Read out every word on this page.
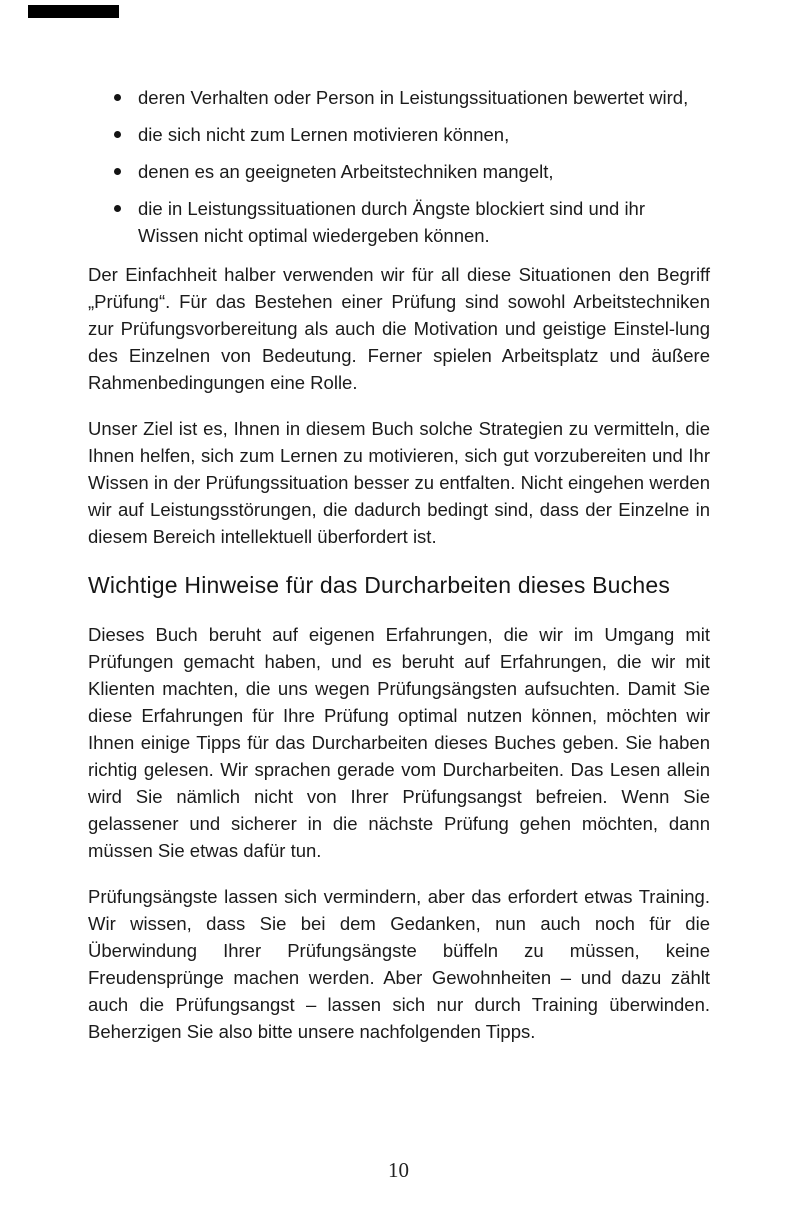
deren Verhalten oder Person in Leistungssituationen bewertet wird,
die sich nicht zum Lernen motivieren können,
denen es an geeigneten Arbeitstechniken mangelt,
die in Leistungssituationen durch Ängste blockiert sind und ihr Wissen nicht optimal wiedergeben können.

Der Einfachheit halber verwenden wir für all diese Situationen den Begriff „Prüfung“. Für das Bestehen einer Prüfung sind sowohl Arbeitstechniken zur Prüfungsvorbereitung als auch die Motivation und geistige Einstel-lung des Einzelnen von Bedeutung. Ferner spielen Arbeitsplatz und äußere Rahmenbedingungen eine Rolle.

Unser Ziel ist es, Ihnen in diesem Buch solche Strategien zu vermitteln, die Ihnen helfen, sich zum Lernen zu motivieren, sich gut vorzubereiten und Ihr Wissen in der Prüfungssituation besser zu entfalten. Nicht eingehen werden wir auf Leistungsstörungen, die dadurch bedingt sind, dass der Einzelne in diesem Bereich intellektuell überfordert ist.

Wichtige Hinweise für das Durcharbeiten dieses Buches

Dieses Buch beruht auf eigenen Erfahrungen, die wir im Umgang mit Prüfungen gemacht haben, und es beruht auf Erfahrungen, die wir mit Klienten machten, die uns wegen Prüfungsängsten aufsuchten. Damit Sie diese Erfahrungen für Ihre Prüfung optimal nutzen können, möchten wir Ihnen einige Tipps für das Durcharbeiten dieses Buches geben. Sie haben richtig gelesen. Wir sprachen gerade vom Durcharbeiten. Das Lesen allein wird Sie nämlich nicht von Ihrer Prüfungsangst befreien. Wenn Sie gelassener und sicherer in die nächste Prüfung gehen möchten, dann müssen Sie etwas dafür tun.

Prüfungsängste lassen sich vermindern, aber das erfordert etwas Training. Wir wissen, dass Sie bei dem Gedanken, nun auch noch für die Überwindung Ihrer Prüfungsängste büffeln zu müssen, keine Freudensprünge machen werden. Aber Gewohnheiten – und dazu zählt auch die Prüfungsangst – lassen sich nur durch Training überwinden. Beherzigen Sie also bitte unsere nachfolgenden Tipps.

10
